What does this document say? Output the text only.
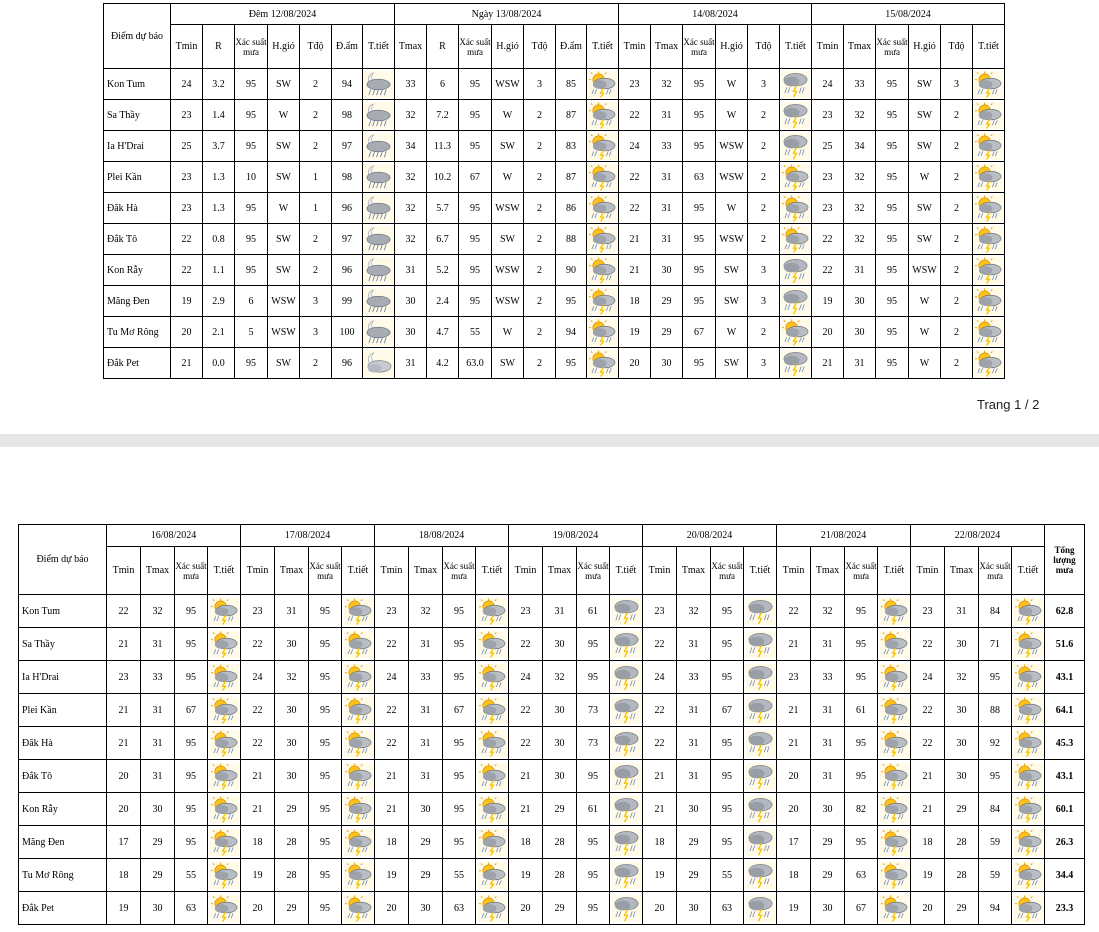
Điểm dự báo	Đêm 12/08/2024							Ngày 13/08/2024							14/08/2024						15/08/2024					
	Tmin	R	Xác suất mưa	H.gió	Tđộ	Đ.ẩm	T.tiết	Tmax	R	Xác suất mưa	H.gió	Tđộ	Đ.ẩm	T.tiết	Tmin	Tmax	Xác suất mưa	H.gió	Tđộ	T.tiết	Tmin	Tmax	Xác suất mưa	H.gió	Tđộ	T.tiết
Kon Tum	24	3.2	95	SW	2	94		33	6	95	WSW	3	85		23	32	95	W	3		24	33	95	SW	3	
Sa Thầy	23	1.4	95	W	2	98		32	7.2	95	W	2	87		22	31	95	W	2		23	32	95	SW	2	
Ia H'Drai	25	3.7	95	SW	2	97		34	11.3	95	SW	2	83		24	33	95	WSW	2		25	34	95	SW	2	
Plei Kần	23	1.3	10	SW	1	98		32	10.2	67	W	2	87		22	31	63	WSW	2		23	32	95	W	2	
Đăk Hà	23	1.3	95	W	1	96		32	5.7	95	WSW	2	86		22	31	95	W	2		23	32	95	SW	2	
Đắk Tô	22	0.8	95	SW	2	97		32	6.7	95	SW	2	88		21	31	95	WSW	2		22	32	95	SW	2	
Kon Rẫy	22	1.1	95	SW	2	96		31	5.2	95	WSW	2	90		21	30	95	SW	3		22	31	95	WSW	2	
Măng Đen	19	2.9	6	WSW	3	99		30	2.4	95	WSW	2	95		18	29	95	SW	3		19	30	95	W	2	
Tu Mơ Rông	20	2.1	5	WSW	3	100		30	4.7	55	W	2	94		19	29	67	W	2		20	30	95	W	2	
Đắk Pet	21	0.0	95	SW	2	96		31	4.2	63.0	SW	2	95		20	30	95	SW	3		21	31	95	W	2	
Trang 1 / 2
Điểm dự báo	16/08/2024				17/08/2024				18/08/2024				19/08/2024				20/08/2024				21/08/2024				22/08/2024				Tổng lượng mưa
	Tmin	Tmax	Xác suất mưa	T.tiết	Tmin	Tmax	Xác suất mưa	T.tiết	Tmin	Tmax	Xác suất mưa	T.tiết	Tmin	Tmax	Xác suất mưa	T.tiết	Tmin	Tmax	Xác suất mưa	T.tiết	Tmin	Tmax	Xác suất mưa	T.tiết	Tmin	Tmax	Xác suất mưa	T.tiết	
Kon Tum	22	32	95		23	31	95		23	32	95		23	31	61		23	32	95		22	32	95		23	31	84		62.8
Sa Thầy	21	31	95		22	30	95		22	31	95		22	30	95		22	31	95		21	31	95		22	30	71		51.6
Ia H'Drai	23	33	95		24	32	95		24	33	95		24	32	95		24	33	95		23	33	95		24	32	95		43.1
Plei Kần	21	31	67		22	30	95		22	31	67		22	30	73		22	31	67		21	31	61		22	30	88		64.1
Đăk Hà	21	31	95		22	30	95		22	31	95		22	30	73		22	31	95		21	31	95		22	30	92		45.3
Đắk Tô	20	31	95		21	30	95		21	31	95		21	30	95		21	31	95		20	31	95		21	30	95		43.1
Kon Rẫy	20	30	95		21	29	95		21	30	95		21	29	61		21	30	95		20	30	82		21	29	84		60.1
Măng Đen	17	29	95		18	28	95		18	29	95		18	28	95		18	29	95		17	29	95		18	28	59		26.3
Tu Mơ Rông	18	29	55		19	28	95		19	29	55		19	28	95		19	29	55		18	29	63		19	28	59		34.4
Đắk Pet	19	30	63		20	29	95		20	30	63		20	29	95		20	30	63		19	30	67		20	29	94		23.3
